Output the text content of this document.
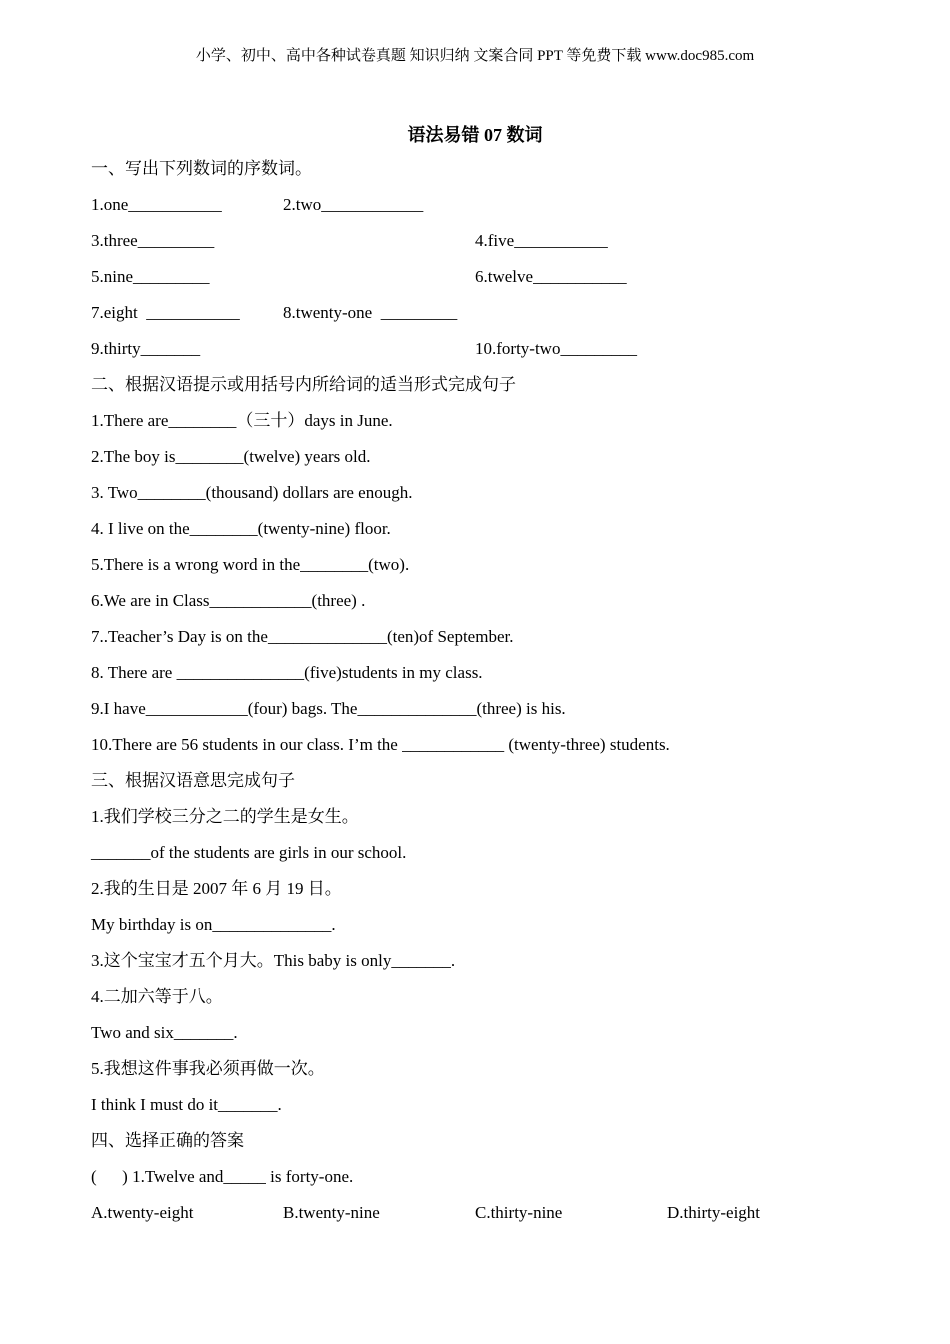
小学、初中、高中各种试卷真题 知识归纳 文案合同 PPT 等免费下载 www.doc985.com
语法易错 07 数词
一、写出下列数词的序数词。
1.one___________	2.two____________
3.three_________	4.five___________
5.nine_________	6.twelve___________
7.eight  ___________	8.twenty-one  _________
9.thirty_______	10.forty-two_________
二、根据汉语提示或用括号内所给词的适当形式完成句子
1.There are________（三十）days in June.
2.The boy is________(twelve) years old.
3. Two________(thousand) dollars are enough.
4. I live on the________(twenty-nine) floor.
5.There is a wrong word in the________(two).
6.We are in Class____________(three) .
7..Teacher’s Day is on the______________(ten)of September.
8. There are _______________(five)students in my class.
9.I have____________(four) bags. The______________(three) is his.
10.There are 56 students in our class. I’m the ____________ (twenty-three) students.
三、根据汉语意思完成句子
1.我们学校三分之二的学生是女生。
_______of the students are girls in our school.
2.我的生日是 2007 年 6 月 19 日。
My birthday is on______________.
3.这个宝宝才五个月大。This baby is only_______.
4.二加六等于八。
Two and six_______.
5.我想这件事我必须再做一次。
I think I must do it_______.
四、选择正确的答案
(      ) 1.Twelve and_____ is forty-one.
A.twenty-eight	B.twenty-nine	C.thirty-nine	D.thirty-eight
